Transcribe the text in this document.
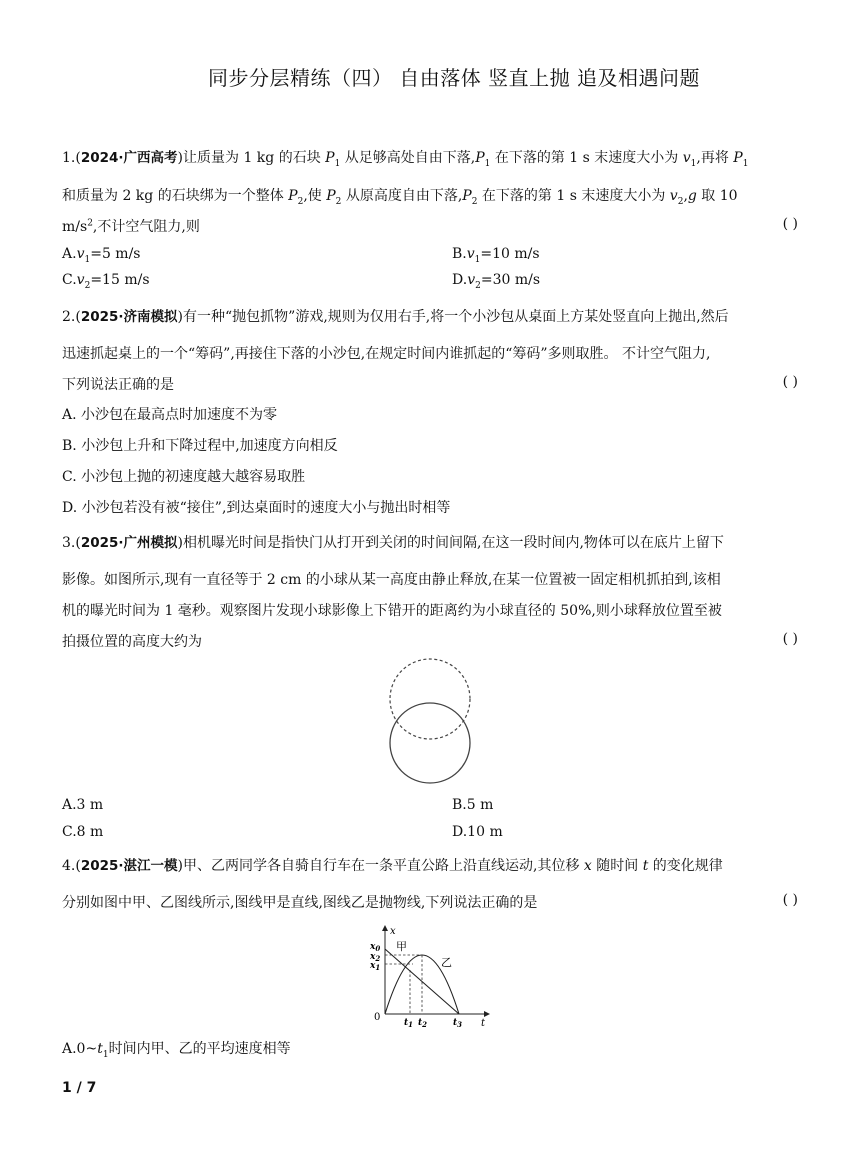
同步分层精练（四） 自由落体 竖直上抛 追及相遇问题
1.(2024·广西高考)让质量为 1 kg 的石块 $P_1$ 从足够高处自由下落$,P_1$ 在下落的第 1 s 末速度大小为 $v_1$,再将 $P_1$
和质量为 2 kg 的石块绑为一个整体 $P_2$,使 $P_2$ 从原高度自由下落$,P_2$ 在下落的第 1 s 末速度大小为 $v_2,g$ 取 10
$m/s^2$,不计空气阻力,则	( )
$A.v_1=5$ m/s	$B.v_1=10$ m/s
$C.v_2=15$ m/s	$D.v_2=30$ m/s
2.(2025·济南模拟)有一种“抛包抓物”游戏,规则为仅用右手,将一个小沙包从桌面上方某处竖直向上抛出,然后
迅速抓起桌上的一个“筹码”,再接住下落的小沙包,在规定时间内谁抓起的“筹码”多则取胜。 不计空气阻力,
下列说法正确的是	( )
A. 小沙包在最高点时加速度不为零
B. 小沙包上升和下降过程中,加速度方向相反
C. 小沙包上抛的初速度越大越容易取胜
D. 小沙包若没有被“接住”,到达桌面时的速度大小与抛出时相等
3.(2025·广州模拟)相机曝光时间是指快门从打开到关闭的时间间隔,在这一段时间内,物体可以在底片上留下
影像。如图所示,现有一直径等于 2 cm 的小球从某一高度由静止释放,在某一位置被一固定相机抓拍到,该相
机的曝光时间为 1 毫秒。观察图片发现小球影像上下错开的距离约为小球直径的 50%,则小球释放位置至被
拍摄位置的高度大约为	( )
A.3 m	B.5 m
C.8 m	D.10 m
4.(2025·湛江一模)甲、乙两同学各自骑自行车在一条平直公路上沿直线运动,其位移 x 随时间 t 的变化规律
分别如图中甲、乙图线所示,图线甲是直线,图线乙是抛物线,下列说法正确的是	( )
x
t
0
$x_0$
$x_2$
$x_1$
$t_1$ $t_2$	$t_3$
甲
乙
$A.0\sim t_1$时间内甲、乙的平均速度相等
1 / 7
